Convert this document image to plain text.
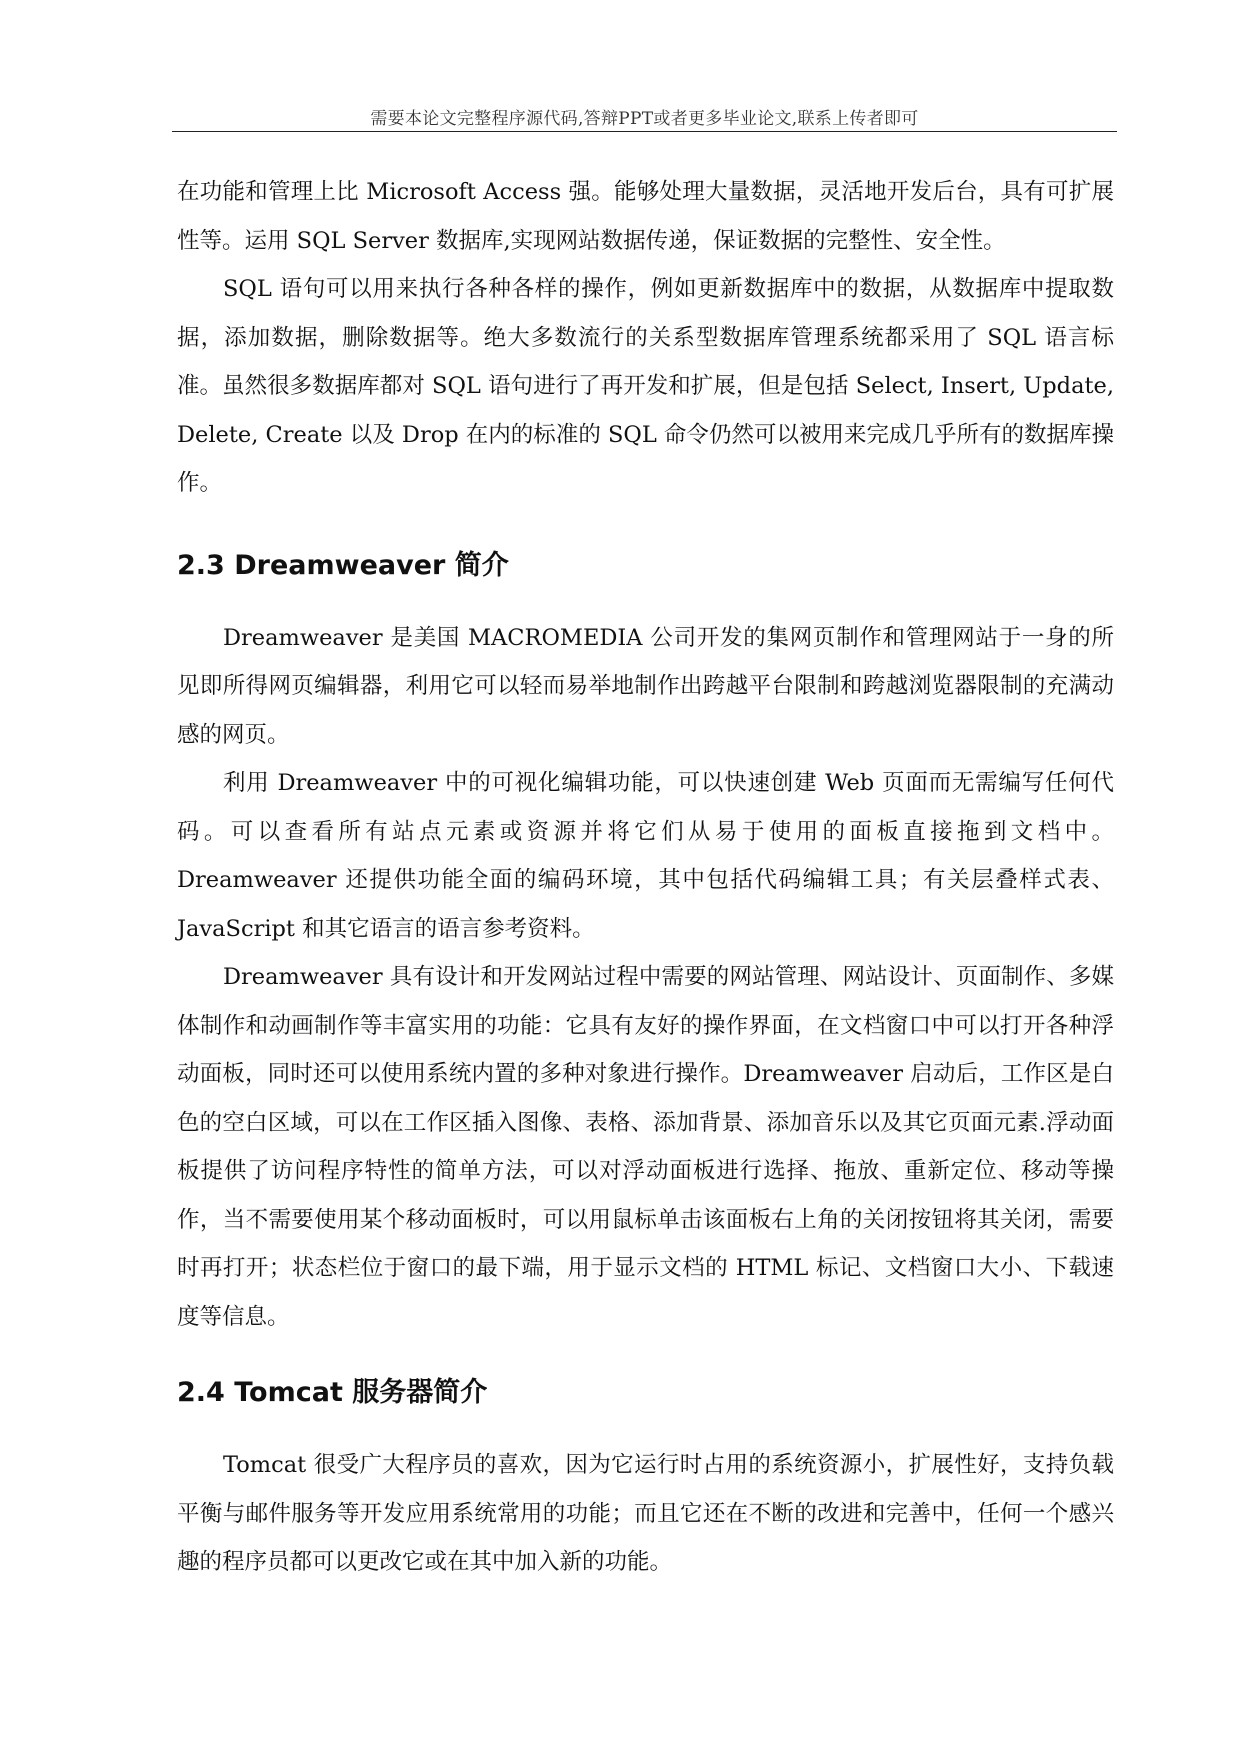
需要本论文完整程序源代码,答辩PPT或者更多毕业论文,联系上传者即可

在功能和管理上比 Microsoft Access 强。能够处理大量数据，灵活地开发后台，具有可扩展性等。运用 SQL Server 数据库,实现网站数据传递，保证数据的完整性、安全性。

SQL 语句可以用来执行各种各样的操作，例如更新数据库中的数据，从数据库中提取数据，添加数据，删除数据等。绝大多数流行的关系型数据库管理系统都采用了 SQL 语言标准。虽然很多数据库都对 SQL 语句进行了再开发和扩展，但是包括 Select, Insert, Update, Delete, Create 以及 Drop 在内的标准的 SQL 命令仍然可以被用来完成几乎所有的数据库操作。

2.3 Dreamweaver 简介

Dreamweaver 是美国 MACROMEDIA 公司开发的集网页制作和管理网站于一身的所见即所得网页编辑器，利用它可以轻而易举地制作出跨越平台限制和跨越浏览器限制的充满动感的网页。

利用 Dreamweaver 中的可视化编辑功能，可以快速创建 Web 页面而无需编写任何代码。可以查看所有站点元素或资源并将它们从易于使用的面板直接拖到文档中。Dreamweaver 还提供功能全面的编码环境，其中包括代码编辑工具；有关层叠样式表、JavaScript 和其它语言的语言参考资料。

Dreamweaver 具有设计和开发网站过程中需要的网站管理、网站设计、页面制作、多媒体制作和动画制作等丰富实用的功能：它具有友好的操作界面，在文档窗口中可以打开各种浮动面板，同时还可以使用系统内置的多种对象进行操作。Dreamweaver 启动后，工作区是白色的空白区域，可以在工作区插入图像、表格、添加背景、添加音乐以及其它页面元素.浮动面板提供了访问程序特性的简单方法，可以对浮动面板进行选择、拖放、重新定位、移动等操作，当不需要使用某个移动面板时，可以用鼠标单击该面板右上角的关闭按钮将其关闭，需要时再打开；状态栏位于窗口的最下端，用于显示文档的 HTML 标记、文档窗口大小、下载速度等信息。

2.4 Tomcat 服务器简介

Tomcat 很受广大程序员的喜欢，因为它运行时占用的系统资源小，扩展性好，支持负载平衡与邮件服务等开发应用系统常用的功能；而且它还在不断的改进和完善中，任何一个感兴趣的程序员都可以更改它或在其中加入新的功能。
